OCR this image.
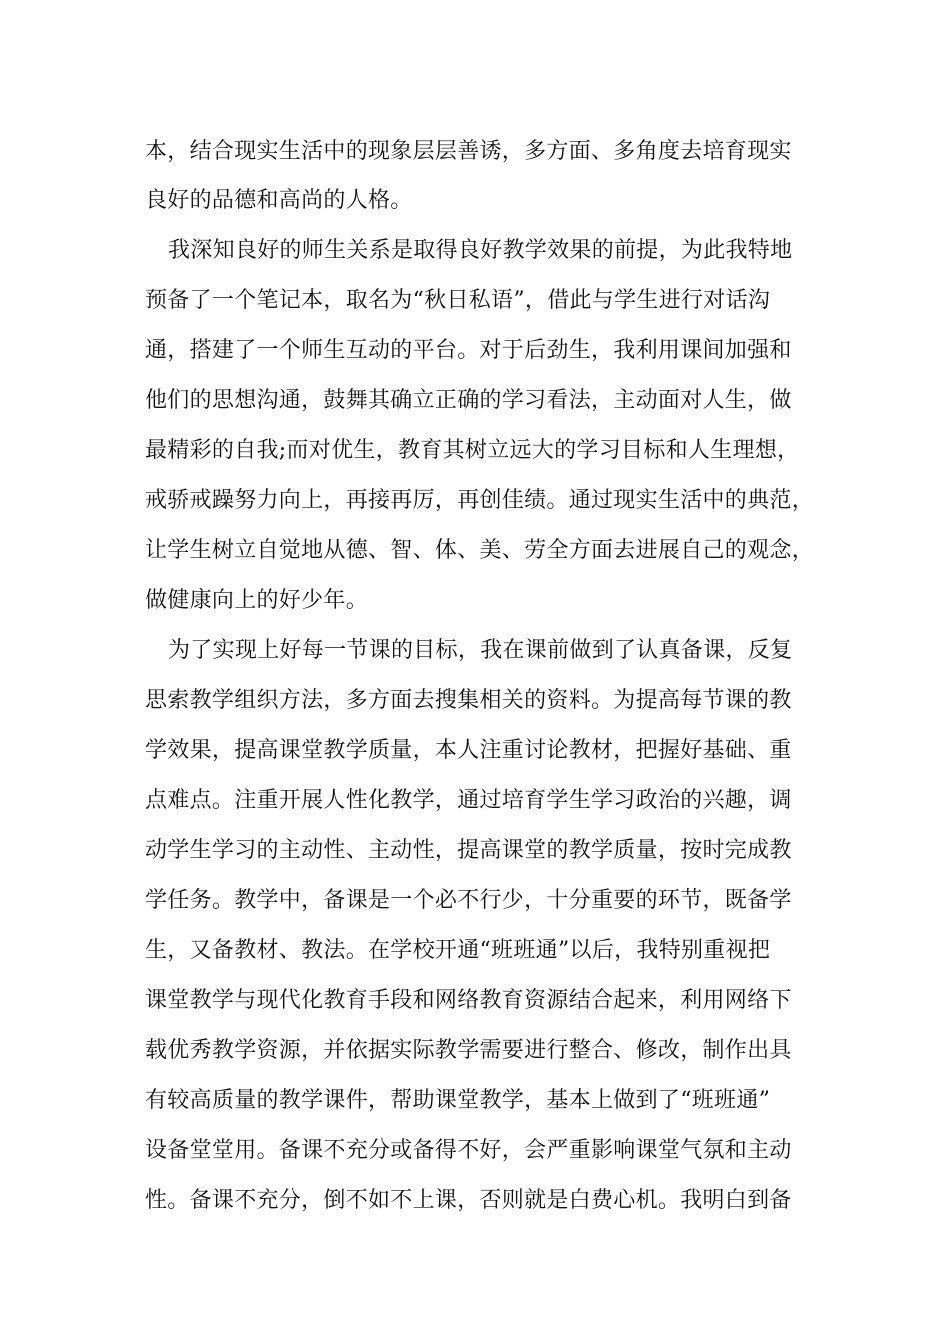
本，结合现实生活中的现象层层善诱，多方面、多角度去培育现实
良好的品德和高尚的人格。
我深知良好的师生关系是取得良好教学效果的前提，为此我特地
预备了一个笔记本，取名为“秋日私语”，借此与学生进行对话沟
通，搭建了一个师生互动的平台。对于后劲生，我利用课间加强和
他们的思想沟通，鼓舞其确立正确的学习看法，主动面对人生，做
最精彩的自我;而对优生，教育其树立远大的学习目标和人生理想，
戒骄戒躁努力向上，再接再厉，再创佳绩。通过现实生活中的典范，
让学生树立自觉地从德、智、体、美、劳全方面去进展自己的观念，
做健康向上的好少年。
为了实现上好每一节课的目标，我在课前做到了认真备课，反复
思索教学组织方法，多方面去搜集相关的资料。为提高每节课的教
学效果，提高课堂教学质量，本人注重讨论教材，把握好基础、重
点难点。注重开展人性化教学，通过培育学生学习政治的兴趣，调
动学生学习的主动性、主动性，提高课堂的教学质量，按时完成教
学任务。教学中，备课是一个必不行少，十分重要的环节，既备学
生，又备教材、教法。在学校开通“班班通”以后，我特别重视把
课堂教学与现代化教育手段和网络教育资源结合起来，利用网络下
载优秀教学资源，并依据实际教学需要进行整合、修改，制作出具
有较高质量的教学课件，帮助课堂教学，基本上做到了“班班通”
设备堂堂用。备课不充分或备得不好，会严重影响课堂气氛和主动
性。备课不充分，倒不如不上课，否则就是白费心机。我明白到备
